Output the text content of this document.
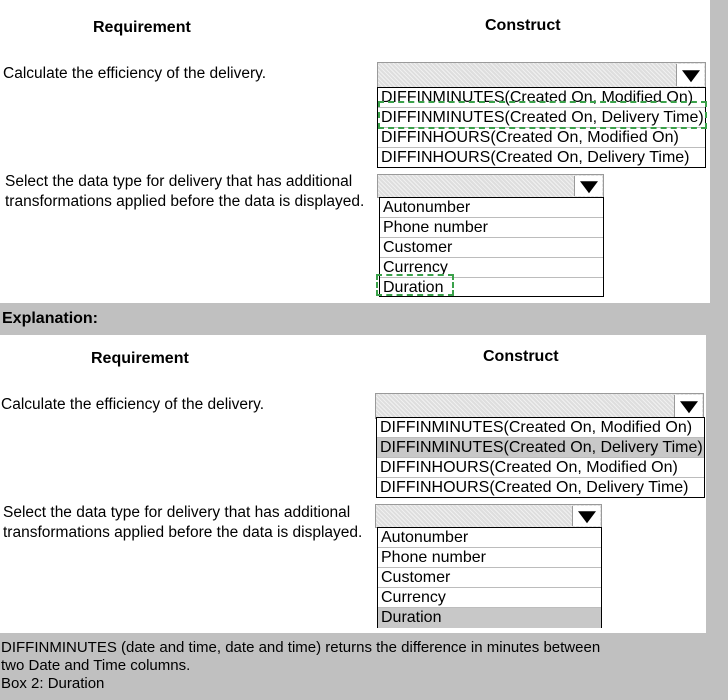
Requirement	Construct
Calculate the efficiency of the delivery.
DIFFINMINUTES(Created On, Modified On)
DIFFINMINUTES(Created On, Delivery Time)
DIFFINHOURS(Created On, Modified On)
DIFFINHOURS(Created On, Delivery Time)
Select the data type for delivery that has additional
transformations applied before the data is displayed. Autonumber
Phone number
Customer
Currency
Duration
Explanation:
Requirement	Construct
Calculate the efficiency of the delivery.
DIFFINMINUTES(Created On, Modified On)
DIFFINMINUTES(Created On, Delivery Time)
DIFFINHOURS(Created On, Modified On)
DIFFINHOURS(Created On, Delivery Time)
Select the data type for delivery that has additional
transformations applied before the data is displayed. Autonumber
Phone number
Customer
Currency
Duration
DIFFINMINUTES (date and time, date and time) returns the difference in minutes between
two Date and Time columns.
Box 2: Duration
